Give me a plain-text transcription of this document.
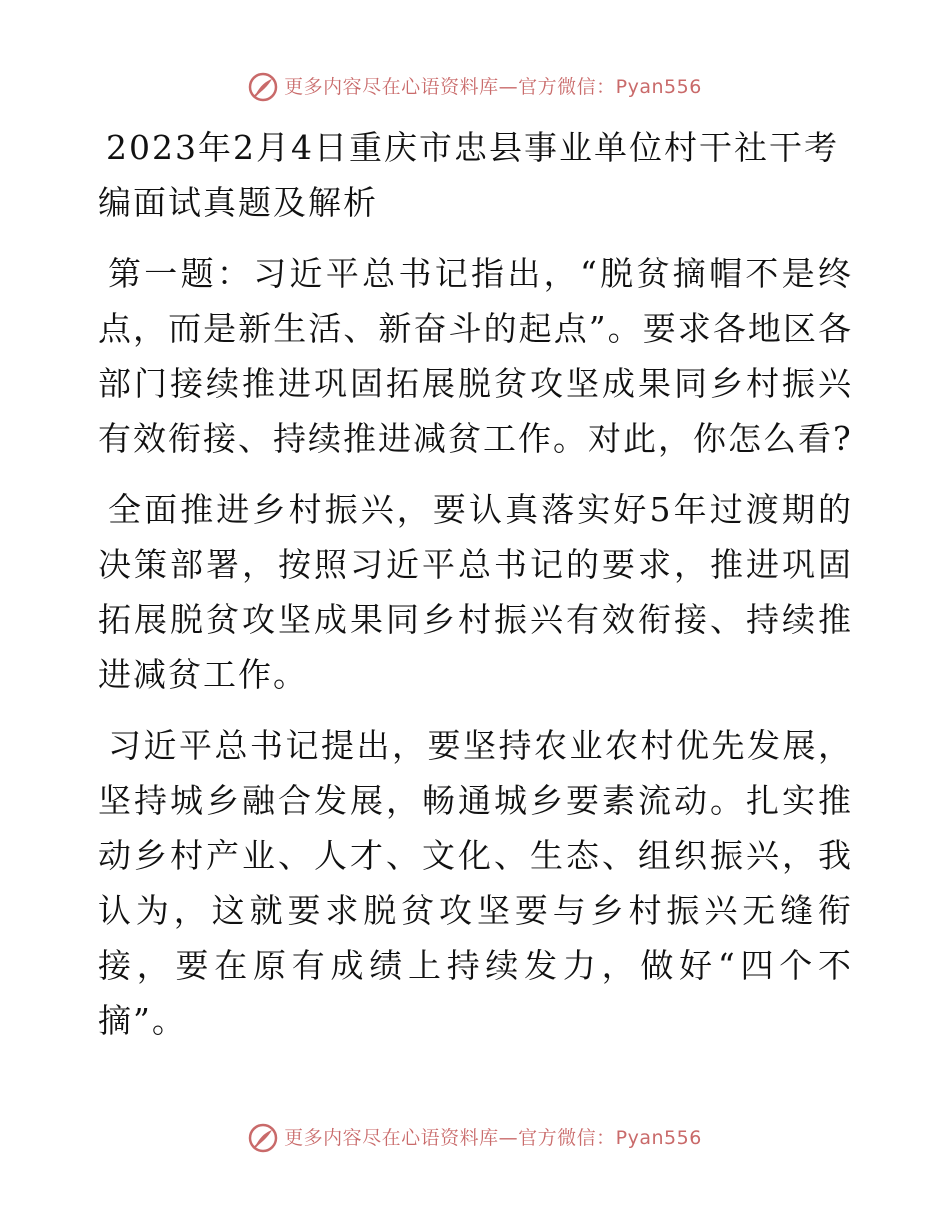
更多内容尽在心语资料库—官方微信：Pyan556
2023年2月4日重庆市忠县事业单位村干社干考编面试真题及解析

第一题：习近平总书记指出，“脱贫摘帽不是终点，而是新生活、新奋斗的起点”。要求各地区各部门接续推进巩固拓展脱贫攻坚成果同乡村振兴有效衔接、持续推进减贫工作。对此，你怎么看?

全面推进乡村振兴，要认真落实好5年过渡期的决策部署，按照习近平总书记的要求，推进巩固拓展脱贫攻坚成果同乡村振兴有效衔接、持续推进减贫工作。

习近平总书记提出，要坚持农业农村优先发展，坚持城乡融合发展，畅通城乡要素流动。扎实推动乡村产业、人才、文化、生态、组织振兴，我认为，这就要求脱贫攻坚要与乡村振兴无缝衔接，要在原有成绩上持续发力，做好“四个不摘”。

更多内容尽在心语资料库—官方微信：Pyan556
